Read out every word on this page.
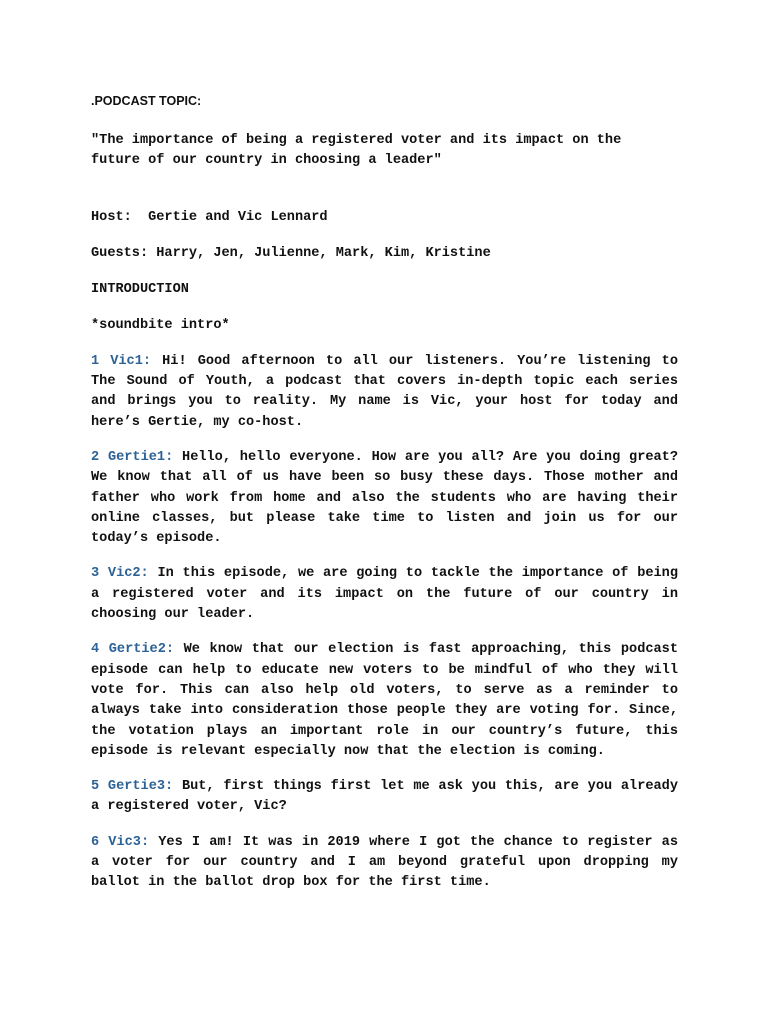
.PODCAST TOPIC:

"The importance of being a registered voter and its impact on the future of our country in choosing a leader"

Host:  Gertie and Vic Lennard

Guests: Harry, Jen, Julienne, Mark, Kim, Kristine

INTRODUCTION

*soundbite intro*

1 Vic1: Hi! Good afternoon to all our listeners. You’re listening to The Sound of Youth, a podcast that covers in-depth topic each series and brings you to reality. My name is Vic, your host for today and here’s Gertie, my co-host.

2 Gertie1: Hello, hello everyone. How are you all? Are you doing great? We know that all of us have been so busy these days. Those mother and father who work from home and also the students who are having their online classes, but please take time to listen and join us for our today’s episode.

3 Vic2: In this episode, we are going to tackle the importance of being a registered voter and its impact on the future of our country in choosing our leader.

4 Gertie2: We know that our election is fast approaching, this podcast episode can help to educate new voters to be mindful of who they will vote for. This can also help old voters, to serve as a reminder to always take into consideration those people they are voting for. Since, the votation plays an important role in our country’s future, this episode is relevant especially now that the election is coming.

5 Gertie3: But, first things first let me ask you this, are you already a registered voter, Vic?

6 Vic3: Yes I am! It was in 2019 where I got the chance to register as a voter for our country and I am beyond grateful upon dropping my ballot in the ballot drop box for the first time.
